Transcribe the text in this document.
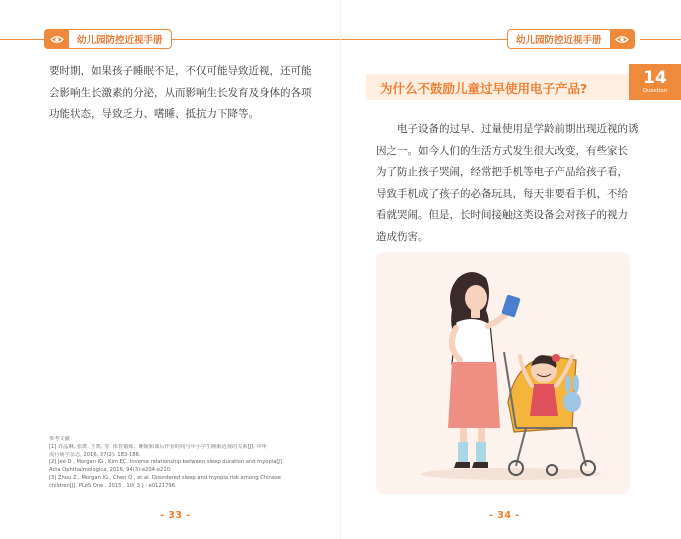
幼儿园防控近视手册
要时期，如果孩子睡眠不足，不仅可能导致近视，还可能
会影响生长激素的分泌，从而影响生长发育及身体的各项
功能状态，导致乏力、嗜睡、抵抗力下降等。
参考文献
[1] 许晶琳, 张群, 王凯, 等. 体育锻炼、睡眠和课后作业时间与中小学生睡眠近视的关系[J]. 中华
流行病学杂志, 2016, 37(2): 183-186.
[2] Jee D , Morgan IG , Kim EC. Inverse relationship between sleep duration and myopia[J].
Acta Ophthalmologica, 2016, 94(3):e204-e210.
[3] Zhou Z , Morgan IG , Chen Q , et al. Disordered sleep and myopia risk among Chinese
children[J]. PLoS One , 2015 , 10( 3 ) : e0121796.
- 33 -
幼儿园防控近视手册
为什么不鼓励儿童过早使用电子产品?
14
Question
电子设备的过早、过量使用是学龄前期出现近视的诱
因之一。如今人们的生活方式发生很大改变，有些家长
为了防止孩子哭闹，经常把手机等电子产品给孩子看，
导致手机成了孩子的必备玩具，每天非要看手机，不给
看就哭闹。但是，长时间接触这类设备会对孩子的视力
造成伤害。
- 34 -
